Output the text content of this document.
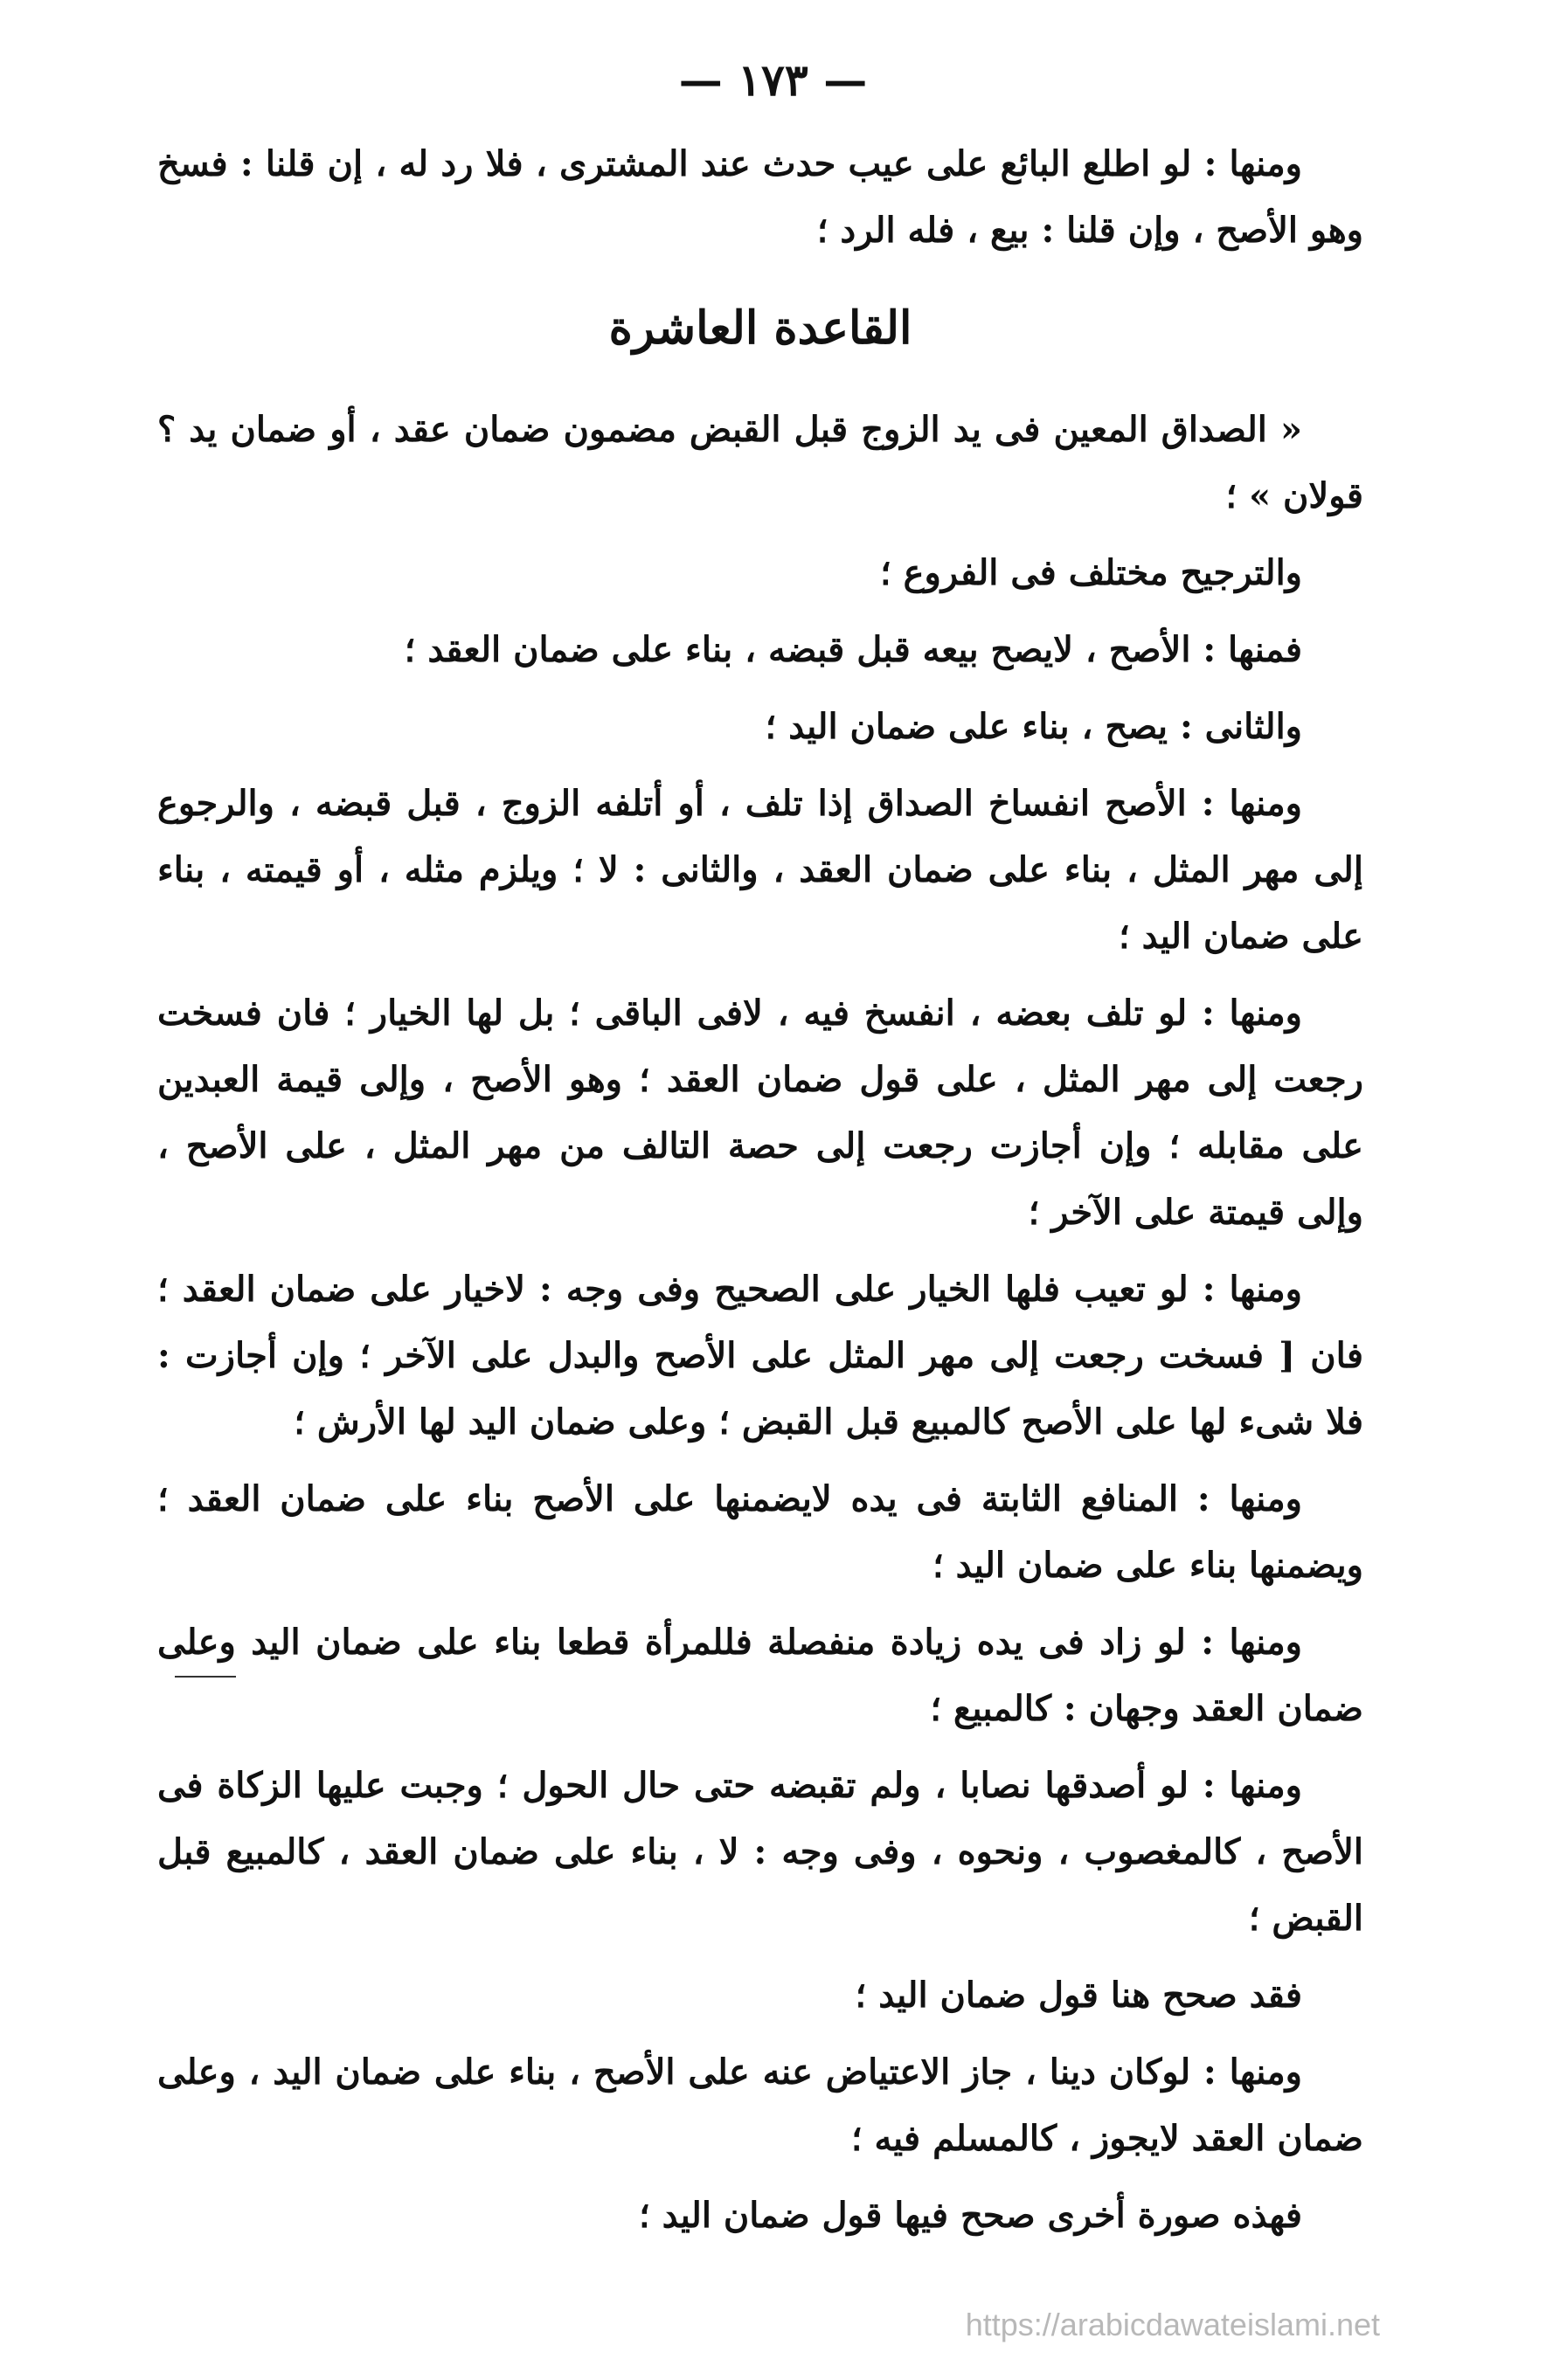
— ١٧٣ —

ومنها : لو اطلع البائع على عيب حدث عند المشترى ، فلا رد له ، إن قلنا : فسخ وهو الأصح ، وإن قلنا : بيع ، فله الرد ؛

القاعدة العاشرة

« الصداق المعين فى يد الزوج قبل القبض مضمون ضمان عقد ، أو ضمان يد ؟ قولان » ؛

والترجيح مختلف فى الفروع ؛

فمنها : الأصح ، لايصح بيعه قبل قبضه ، بناء على ضمان العقد ؛

والثانى : يصح ، بناء على ضمان اليد ؛

ومنها : الأصح انفساخ الصداق إذا تلف ، أو أتلفه الزوج ، قبل قبضه ، والرجوع إلى مهر المثل ، بناء على ضمان العقد ، والثانى : لا ؛ ويلزم مثله ، أو قيمته ، بناء على ضمان اليد ؛

ومنها : لو تلف بعضه ، انفسخ فيه ، لافى الباقى ؛ بل لها الخيار ؛ فان فسخت رجعت إلى مهر المثل ، على قول ضمان العقد ؛ وهو الأصح ، وإلى قيمة العبدين على مقابله ؛ وإن أجازت رجعت إلى حصة التالف من مهر المثل ، على الأصح ، وإلى قيمتة على الآخر ؛

ومنها : لو تعيب فلها الخيار على الصحيح وفى وجه : لاخيار على ضمان العقد ؛ فان [ فسخت رجعت إلى مهر المثل على الأصح والبدل على الآخر ؛ وإن أجازت : فلا شىء لها على الأصح كالمبيع قبل القبض ؛ وعلى ضمان اليد لها الأرش ؛

ومنها : المنافع الثابتة فى يده لايضمنها على الأصح بناء على ضمان العقد ؛ ويضمنها بناء على ضمان اليد ؛

ومنها : لو زاد فى يده زيادة منفصلة فللمرأة قطعا بناء على ضمان اليد وعلى ضمان العقد وجهان : كالمبيع ؛

ومنها : لو أصدقها نصابا ، ولم تقبضه حتى حال الحول ؛ وجبت عليها الزكاة فى الأصح ، كالمغصوب ، ونحوه ، وفى وجه : لا ، بناء على ضمان العقد ، كالمبيع قبل القبض ؛

فقد صحح هنا قول ضمان اليد ؛

ومنها : لوكان دينا ، جاز الاعتياض عنه على الأصح ، بناء على ضمان اليد ، وعلى ضمان العقد لايجوز ، كالمسلم فيه ؛

فهذه صورة أخرى صحح فيها قول ضمان اليد ؛

https://arabicdawateislami.net
